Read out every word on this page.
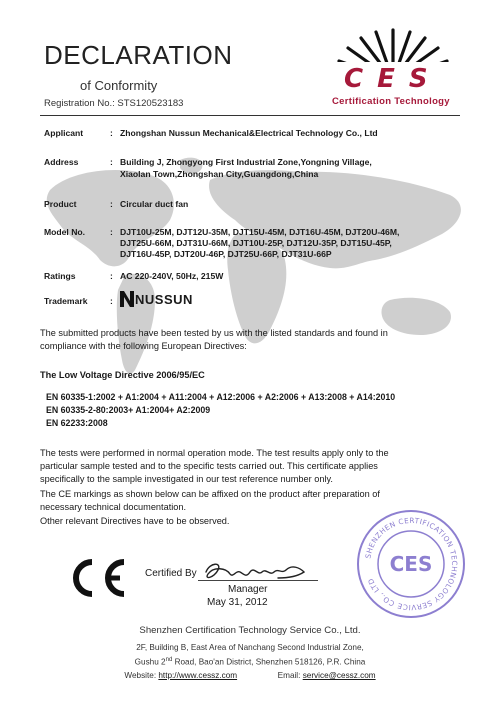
DECLARATION
of Conformity
Registration No.: STS120523183
CES
Certification Technology
Applicant	: Zhongshan Nussun Mechanical&Electrical Technology Co., Ltd
Address	: Building J, Zhongyong First Industrial Zone,Yongning Village,
Xiaolan Town,Zhongshan City,Guangdong,China
Product	: Circular duct fan
Model No.	: DJT10U-25M, DJT12U-35M, DJT15U-45M, DJT16U-45M, DJT20U-46M,
DJT25U-66M, DJT31U-66M, DJT10U-25P, DJT12U-35P, DJT15U-45P,
DJT16U-45P, DJT20U-46P, DJT25U-66P, DJT31U-66P
Ratings	: AC 220-240V, 50Hz, 215W
Trademark	: NUSSUN
The submitted products have been tested by us with the listed standards and found in
compliance with the following European Directives:
The Low Voltage Directive 2006/95/EC
EN 60335-1:2002 + A1:2004 + A11:2004 + A12:2006 + A2:2006 + A13:2008 + A14:2010
EN 60335-2-80:2003+ A1:2004+ A2:2009
EN 62233:2008
The tests were performed in normal operation mode. The test results apply only to the
particular sample tested and to the specific tests carried out. This certificate applies
specifically to the sample investigated in our test reference number only.
The CE markings as shown below can be affixed on the product after preparation of
necessary technical documentation.
Other relevant Directives have to be observed.
Certified By
Manager
May 31, 2012
SHENZHEN CERTIFICATION TECHNOLOGY SERVICE CO., LTD
CES
Shenzhen Certification Technology Service Co., Ltd.
2F, Building B, East Area of Nanchang Second Industrial Zone,
Gushu 2nd Road, Bao'an District, Shenzhen 518126, P.R. China
Website: http://www.cessz.com	Email: service@cessz.com
